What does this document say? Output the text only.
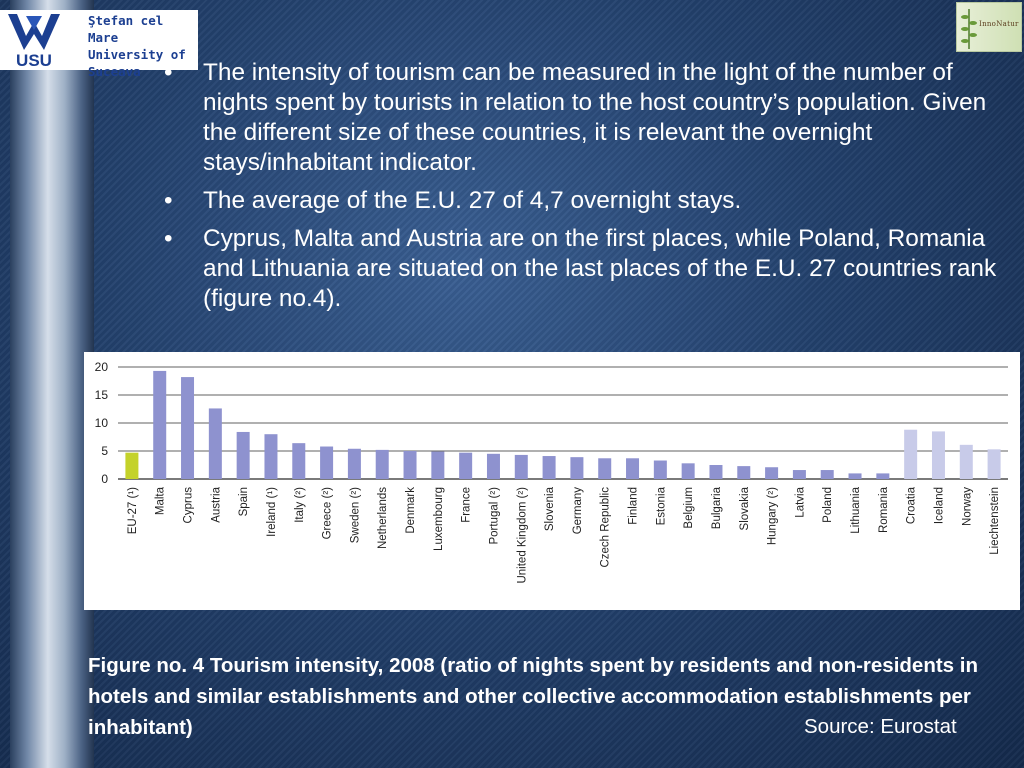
USU
Ştefan cel Mare
University of
Suceava
InnoNatur
• The intensity of tourism can be measured in the light of the number of nights spent by tourists in relation to the host country’s population. Given the different size of these countries, it is relevant the overnight stays/inhabitant indicator.
• The average of the E.U. 27 of 4,7 overnight stays.
• Cyprus, Malta and Austria are on the first places, while Poland, Romania and Lithuania are situated on the last places of the E.U. 27 countries rank (figure no.4).
0
5
10
15
20
EU-27 (¹) Malta Cyprus Austria Spain Ireland (¹) Italy (²) Greece (²) Sweden (²) Netherlands Denmark Luxembourg France Portugal (²) United Kingdom (²) Slovenia Germany Czech Republic Finland Estonia Belgium Bulgaria Slovakia Hungary (²) Latvia Poland Lithuania Romania Croatia Iceland Norway Liechtenstein
Figure no. 4 Tourism intensity, 2008 (ratio of nights spent by residents and non-residents in hotels and similar establishments and other collective accommodation establishments per inhabitant)	Source: Eurostat
